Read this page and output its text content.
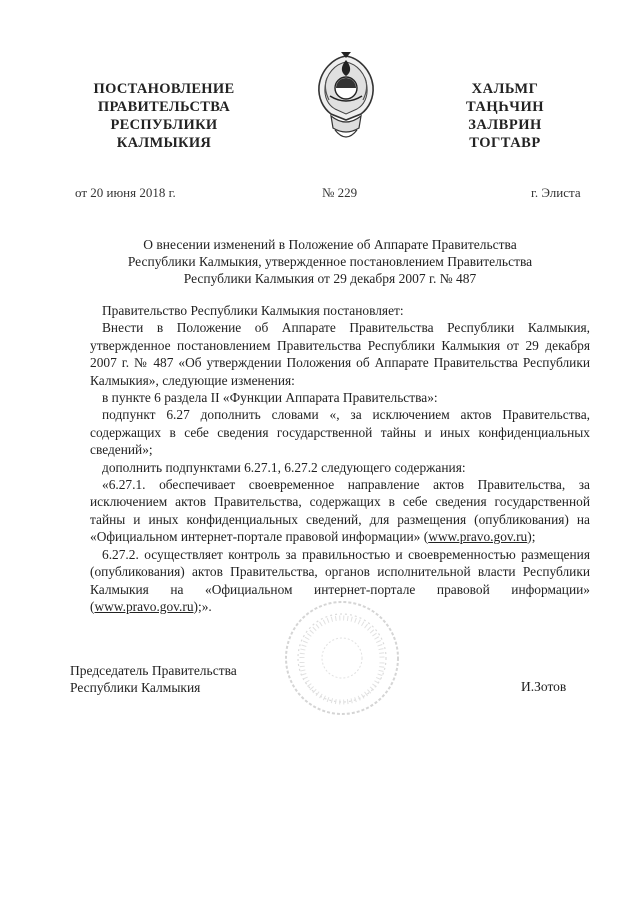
ПОСТАНОВЛЕНИЕ
ПРАВИТЕЛЬСТВА
РЕСПУБЛИКИ
КАЛМЫКИЯ
ХАЛЬМГ
ТАҢҺЧИН
ЗАЛВРИН
ТОГТАВР
от 20 июня 2018 г.	№ 229	г. Элиста
О внесении изменений в Положение об Аппарате Правительства
Республики Калмыкия, утвержденное постановлением Правительства
Республики Калмыкия от 29 декабря 2007 г. № 487

Правительство Республики Калмыкия постановляет:

Внести в Положение об Аппарате Правительства Республики Калмыкия, утвержденное постановлением Правительства Республики Калмыкия от 29 декабря 2007 г. № 487 «Об утверждении Положения об Аппарате Правительства Республики Калмыкия», следующие изменения:

в пункте 6 раздела II «Функции Аппарата Правительства»:

подпункт 6.27 дополнить словами «, за исключением актов Правительства, содержащих в себе сведения государственной тайны и иных конфиденциальных сведений»;

дополнить подпунктами 6.27.1, 6.27.2 следующего содержания:

«6.27.1. обеспечивает своевременное направление актов Правительства, за исключением актов Правительства, содержащих в себе сведения государственной тайны и иных конфиденциальных сведений, для размещения (опубликования) на «Официальном интернет-портале правовой информации» (www.pravo.gov.ru);

6.27.2. осуществляет контроль за правильностью и своевременностью размещения (опубликования) актов Правительства, органов исполнительной власти Республики Калмыкия на «Официальном интернет-портале правовой информации» (www.pravo.gov.ru);».

Председатель Правительства
Республики Калмыкия	И.Зотов
